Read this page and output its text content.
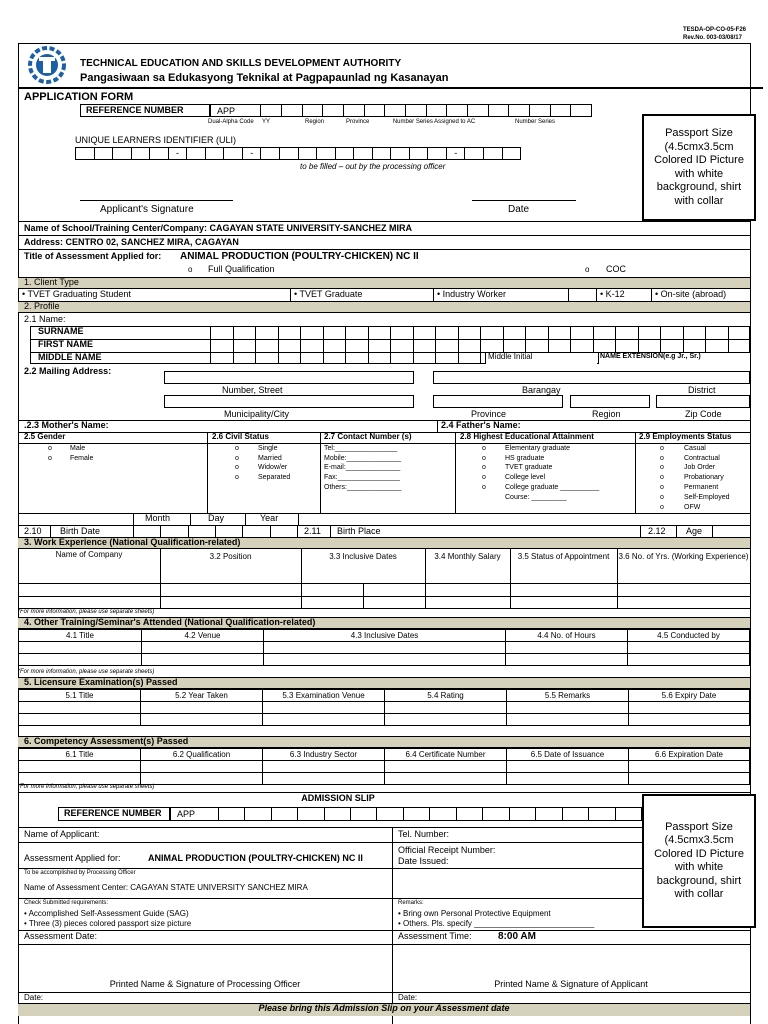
TESDA-OP-CO-05-F26
Rev.No. 003-03/08/17
TECHNICAL EDUCATION AND SKILLS DEVELOPMENT AUTHORITY
Pangasiwaan sa Edukasyong Teknikal at Pagpapaunlad ng Kasanayan
APPLICATION FORM
REFERENCE NUMBER	APP
Dual-Alpha Code YY	Region	Province	Number Series Assigned to AC	Number Series
UNIQUE LEARNERS IDENTIFIER (ULI)
-	-	-
to be filled – out by the processing officer
Passport Size (4.5cmx3.5cm Colored ID Picture with white background, shirt with collar
Applicant's Signature	Date
Name of School/Training Center/Company: CAGAYAN STATE UNIVERSITY-SANCHEZ MIRA
Address: CENTRO 02, SANCHEZ MIRA, CAGAYAN
Title of Assessment Applied for: ANIMAL PRODUCTION (POULTRY-CHICKEN) NC II
o Full Qualification	o COC
1. Client Type
• TVET Graduating Student	• TVET Graduate	• Industry Worker	• K-12	• On-site (abroad)
2. Profile
2.1 Name:
SURNAME
FIRST NAME
MIDDLE NAME	Middle Initial	NAME EXTENSION(e.g Jr., Sr.)
2.2 Mailing Address:
Number, Street	Barangay	District
Municipality/City	Province	Region	Zip Code
.2.3 Mother's Name:	2.4 Father's Name:
2.5 Gender	2.6 Civil Status	2.7 Contact Number (s)	2.8 Highest Educational Attainment	2.9 Employments Status
o	Male
o	Female
o	Single
o	Married
o	Widow/er
o	Separated
Tel:________________
Mobile:______________
E-mail:______________
Fax:________________
Others:______________
o	Elementary graduate
o	HS graduate
o	TVET graduate
o	College level
o	College graduate __________
Course: _________
o	Casual
o	Contractual
o	Job Order
o	Probationary
o	Permanent
o	Self-Employed
o	OFW
Month	Day	Year
2.10 Birth Date	2.11 Birth Place	2.12 Age
3. Work Experience (National Qualification-related)
Name of Company	3.2 Position	3.3 Inclusive Dates	3.4 Monthly Salary	3.5 Status of Appointment	3.6 No. of Yrs. (Working Experience)
(For more information, please use separate sheets)
4. Other Training/Seminar's Attended (National Qualification-related)
4.1 Title	4.2 Venue	4.3 Inclusive Dates	4.4 No. of Hours	4.5 Conducted by

(For more information, please use separate sheets)
5. Licensure Examination(s) Passed
5.1 Title	5.2 Year Taken	5.3 Examination Venue	5.4 Rating	5.5 Remarks	5.6 Expiry Date

6. Competency Assessment(s) Passed
6.1 Title	6.2 Qualification	6.3 Industry Sector	6.4 Certificate Number	6.5 Date of Issuance	6.6 Expiration Date

(For more information, please use separate sheets)
ADMISSION SLIP
REFERENCE NUMBER	APP
Passport Size (4.5cmx3.5cm Colored ID Picture with white background, shirt with collar
Name of Applicant:	Tel. Number:
Assessment Applied for:	ANIMAL PRODUCTION (POULTRY-CHICKEN) NC II
Official Receipt Number:
Date Issued:
To be accomplished by Processing Officer
Name of Assessment Center: CAGAYAN STATE UNIVERSITY SANCHEZ MIRA
Check Submitted requirements:	Remarks:
• Accomplished Self-Assessment Guide (SAG)
• Three (3) pieces colored passport size picture
• Bring own Personal Protective Equipment
• Others. Pls. specify ___________________________
Assessment Date:	Assessment Time:	8:00 AM
Printed Name & Signature of Processing Officer	Printed Name & Signature of Applicant
Date:	Date:
Please bring this Admission Slip on your Assessment date
